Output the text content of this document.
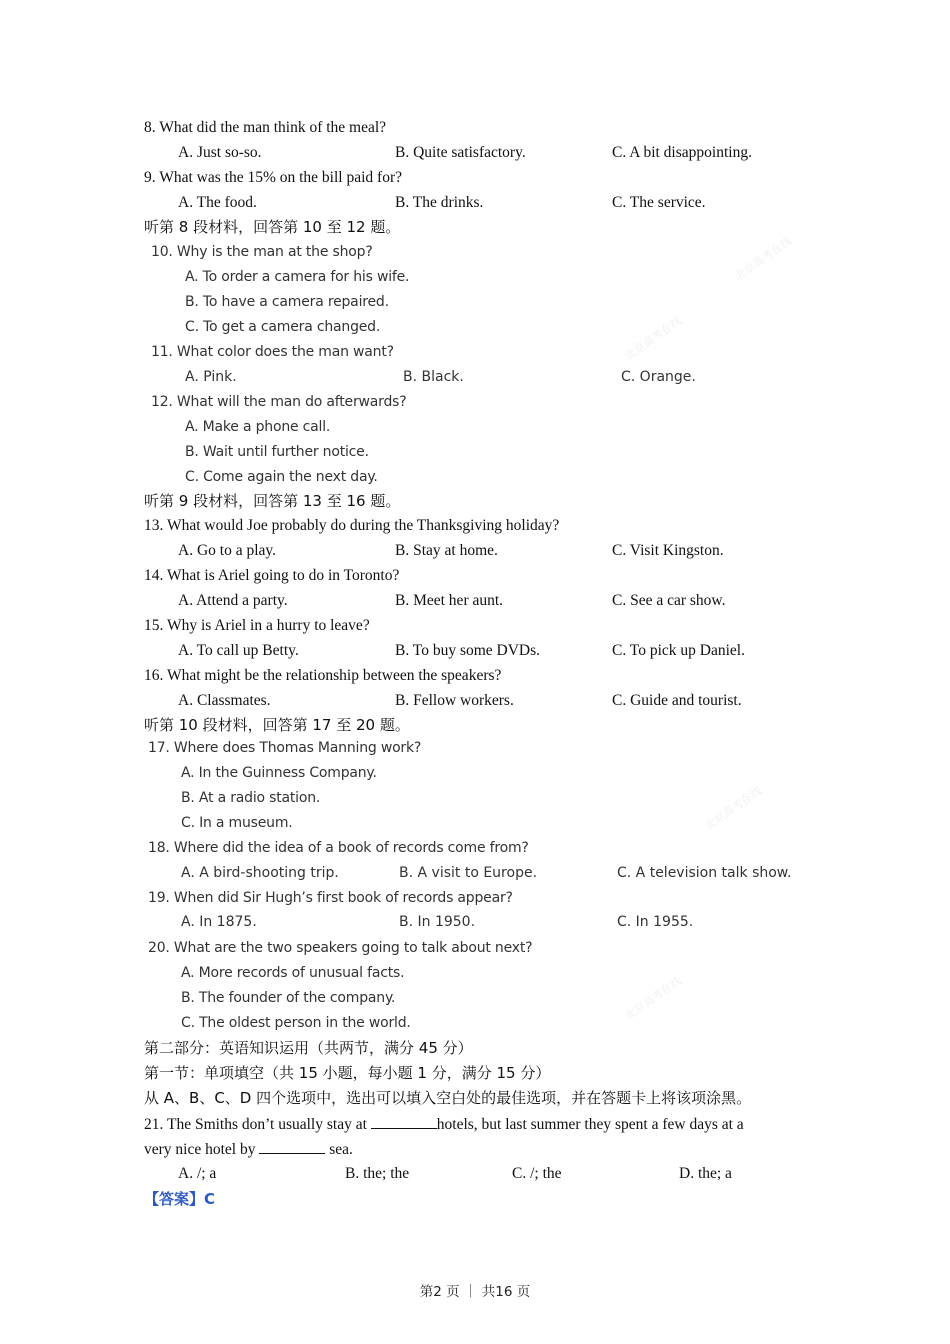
北京高考在线
北京高考在线
北京高考在线
北京高考在线
8. What did the man think of the meal?
A. Just so-so.	B. Quite satisfactory.	C. A bit disappointing.
9. What was the 15% on the bill paid for?
A. The food.	B. The drinks.	C. The service.
听第 8 段材料，回答第 10 至 12 题。
10. Why is the man at the shop?
A. To order a camera for his wife.
B. To have a camera repaired.
C. To get a camera changed.
11. What color does the man want?
A. Pink.	B. Black.	C. Orange.
12. What will the man do afterwards?
A. Make a phone call.
B. Wait until further notice.
C. Come again the next day.
听第 9 段材料，回答第 13 至 16 题。
13. What would Joe probably do during the Thanksgiving holiday?
A. Go to a play.	B. Stay at home.	C. Visit Kingston.
14. What is Ariel going to do in Toronto?
A. Attend a party.	B. Meet her aunt.	C. See a car show.
15. Why is Ariel in a hurry to leave?
A. To call up Betty.	B. To buy some DVDs.	C. To pick up Daniel.
16. What might be the relationship between the speakers?
A. Classmates.	B. Fellow workers.	C. Guide and tourist.
听第 10 段材料，回答第 17 至 20 题。
17. Where does Thomas Manning work?
A. In the Guinness Company.
B. At a radio station.
C. In a museum.
18. Where did the idea of a book of records come from?
A. A bird-shooting trip.	B. A visit to Europe.	C. A television talk show.
19. When did Sir Hugh’s first book of records appear?
A. In 1875.	B. In 1950.	C. In 1955.
20. What are the two speakers going to talk about next?
A. More records of unusual facts.
B. The founder of the company.
C. The oldest person in the world.
第二部分：英语知识运用（共两节，满分 45 分）
第一节：单项填空（共 15 小题，每小题 1 分，满分 15 分）
从 A、B、C、D 四个选项中，选出可以填入空白处的最佳选项，并在答题卡上将该项涂黑。
21. The Smiths don’t usually stay at	hotels, but last summer they spent a few days at a
very nice hotel by	sea.
A. /; a	B. the; the	C. /; the	D. the; a
【答案】C
第2 页 ｜ 共16 页
